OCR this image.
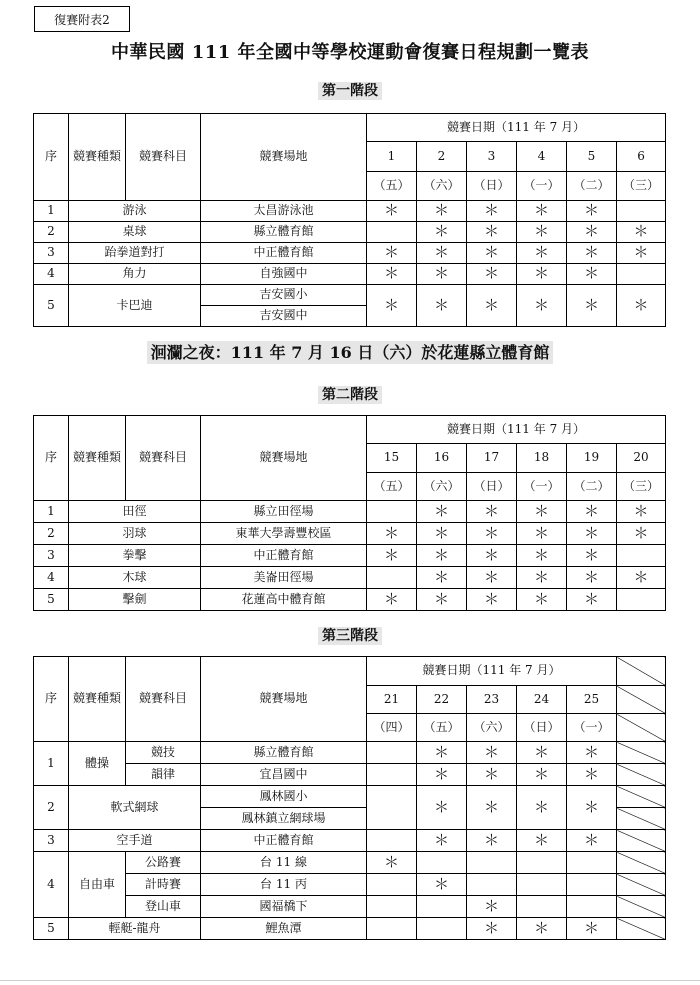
復賽附表2
中華民國 111 年全國中等學校運動會復賽日程規劃一覽表
第一階段
序	競賽種類	競賽科目	競賽場地	競賽日期（111 年 7 月）					
				1	2	3	4	5	6
				（五）	（六）	（日）	（一）	（二）	（三）
1	游泳		太昌游泳池	＊	＊	＊	＊	＊	
2	桌球		縣立體育館		＊	＊	＊	＊	＊
3	跆拳道對打		中正體育館	＊	＊	＊	＊	＊	＊
4	角力		自強國中	＊	＊	＊	＊	＊	
5	卡巴迪		吉安國小	＊	＊	＊	＊	＊	＊
			吉安國中						
洄瀾之夜：111 年 7 月 16 日（六）於花蓮縣立體育館
第二階段
序	競賽種類	競賽科目	競賽場地	競賽日期（111 年 7 月）					
				15	16	17	18	19	20
				（五）	（六）	（日）	（一）	（二）	（三）
1	田徑		縣立田徑場		＊	＊	＊	＊	＊
2	羽球		東華大學壽豐校區	＊	＊	＊	＊	＊	＊
3	拳擊		中正體育館	＊	＊	＊	＊	＊	
4	木球		美崙田徑場		＊	＊	＊	＊	＊
5	擊劍		花蓮高中體育館	＊	＊	＊	＊	＊	
第三階段
序	競賽種類	競賽科目	競賽場地	競賽日期（111 年 7 月）					
				21	22	23	24	25	
				（四）	（五）	（六）	（日）	（一）	
1	體操	競技	縣立體育館		＊	＊	＊	＊	
		韻律	宜昌國中		＊	＊	＊	＊	
2	軟式網球		鳳林國小		＊	＊	＊	＊	
			鳳林鎮立網球場						
3	空手道		中正體育館		＊	＊	＊	＊	
4	自由車	公路賽	台 11 線	＊					
		計時賽	台 11 丙		＊				
		登山車	國福橋下			＊			
5	輕艇-龍舟		鯉魚潭			＊	＊	＊	
